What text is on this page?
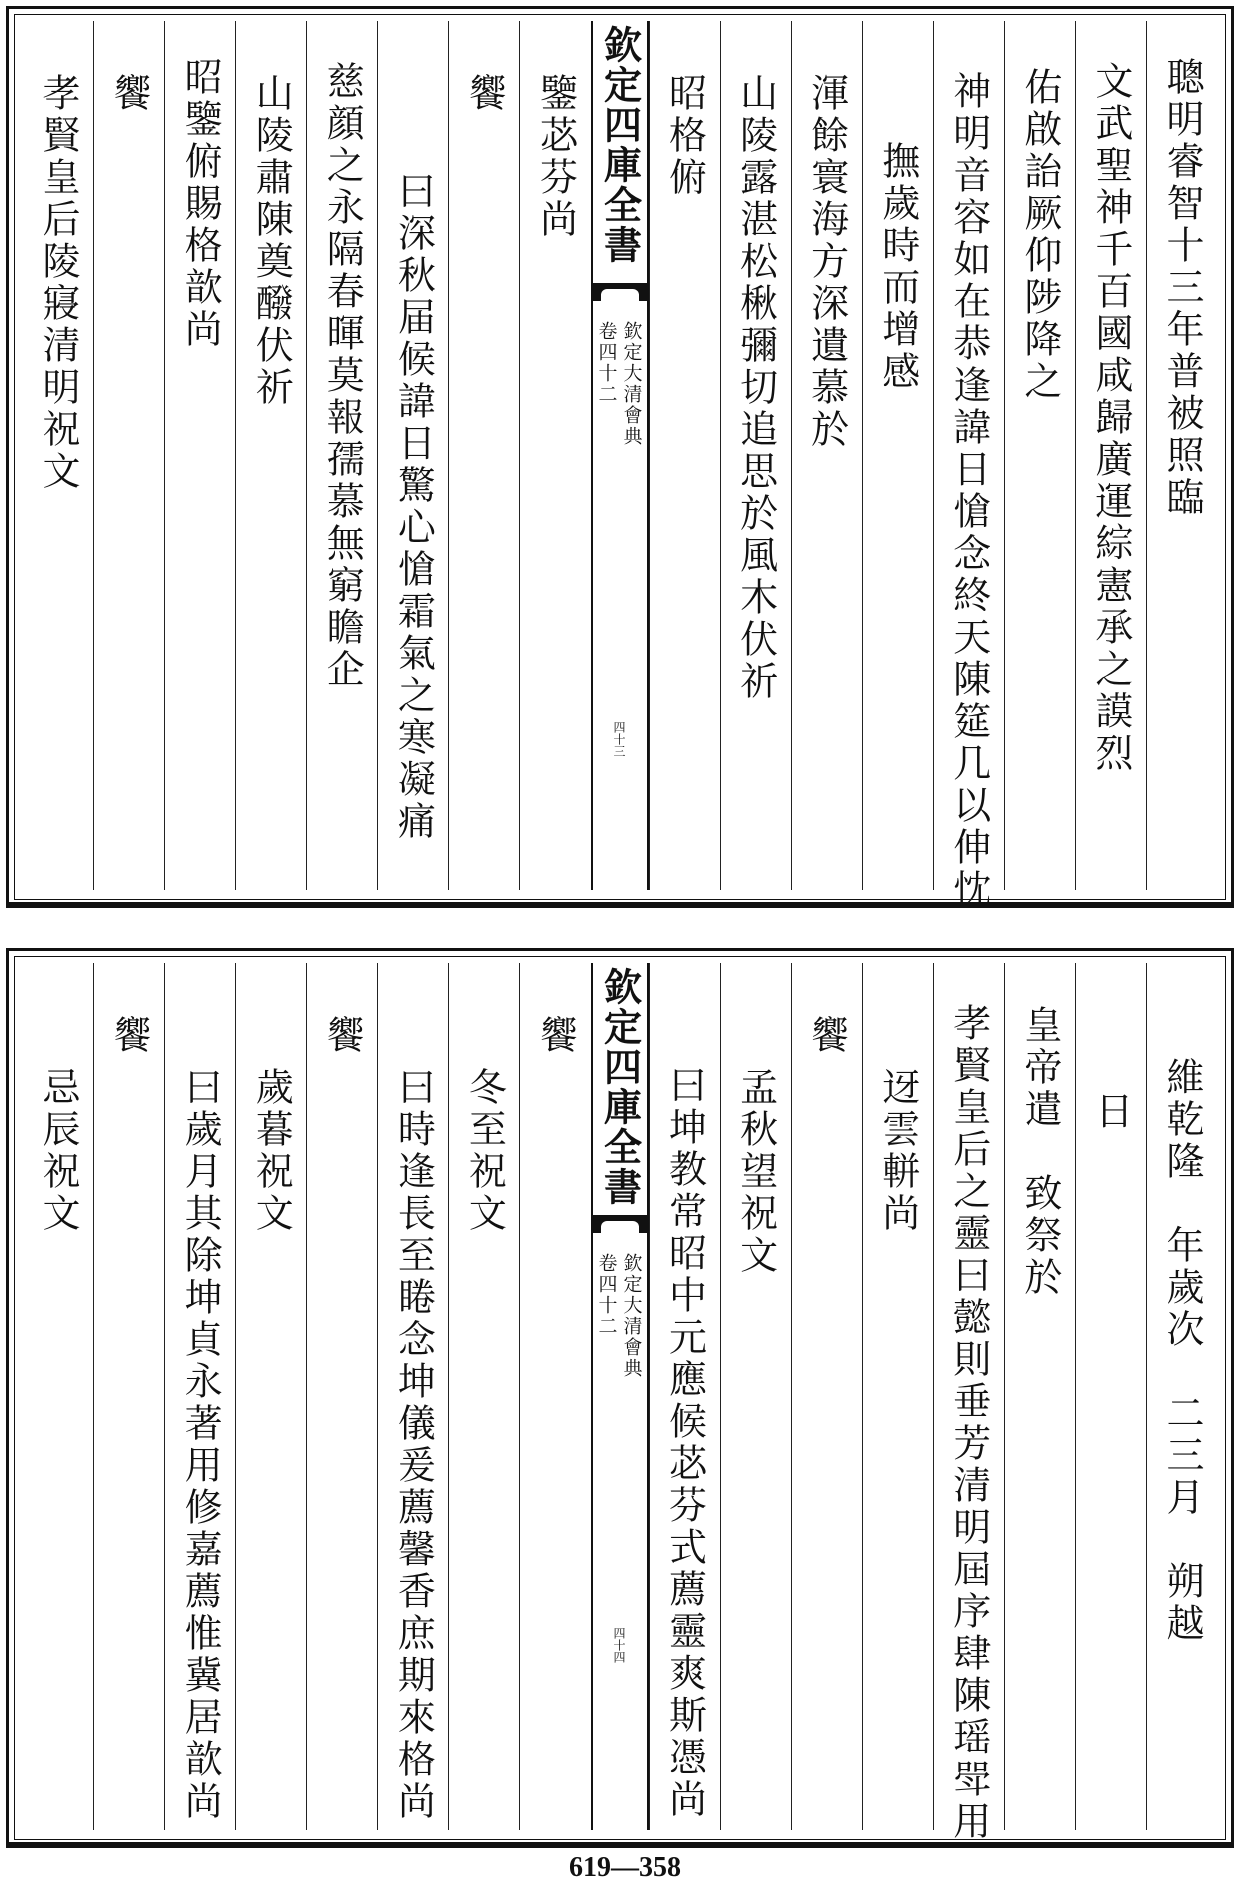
聰明睿智十三年普被照臨
文武聖神千百國咸歸廣運綜憲承之謨烈
佑啟詒厥仰陟降之
神明音容如在恭逢諱日愴念終天陳筵几以伸忱
撫歲時而增感
渾餘寰海方深遺慕於
山陵露湛松楸彌切追思於風木伏祈
昭格俯
欽定四庫全書
欽定大清會典
卷四十二
四十三
鑒苾芬尚
饗
曰深秋届候諱日驚心愴霜氣之寒凝痛
慈顔之永隔春暉莫報孺慕無窮瞻企
山陵肅陳奠醱伏祈
昭鑒俯賜格歆尚
饗
孝賢皇后陵寢清明祝文
維乾隆　年歲次　二三月　朔越
日
皇帝遣　致祭於
孝賢皇后之靈曰懿則垂芳清明屆序肆陳瑶斝用
迓雲軿尚
饗
孟秋望祝文
曰坤教常昭中元應候苾芬式薦靈爽斯憑尚
欽定四庫全書
欽定大清會典
卷四十二
四十四
饗
冬至祝文
曰時逢長至睠念坤儀爰薦馨香庶期來格尚
饗
歲暮祝文
曰歲月其除坤貞永著用修嘉薦惟冀居歆尚
饗
忌辰祝文
619—358
